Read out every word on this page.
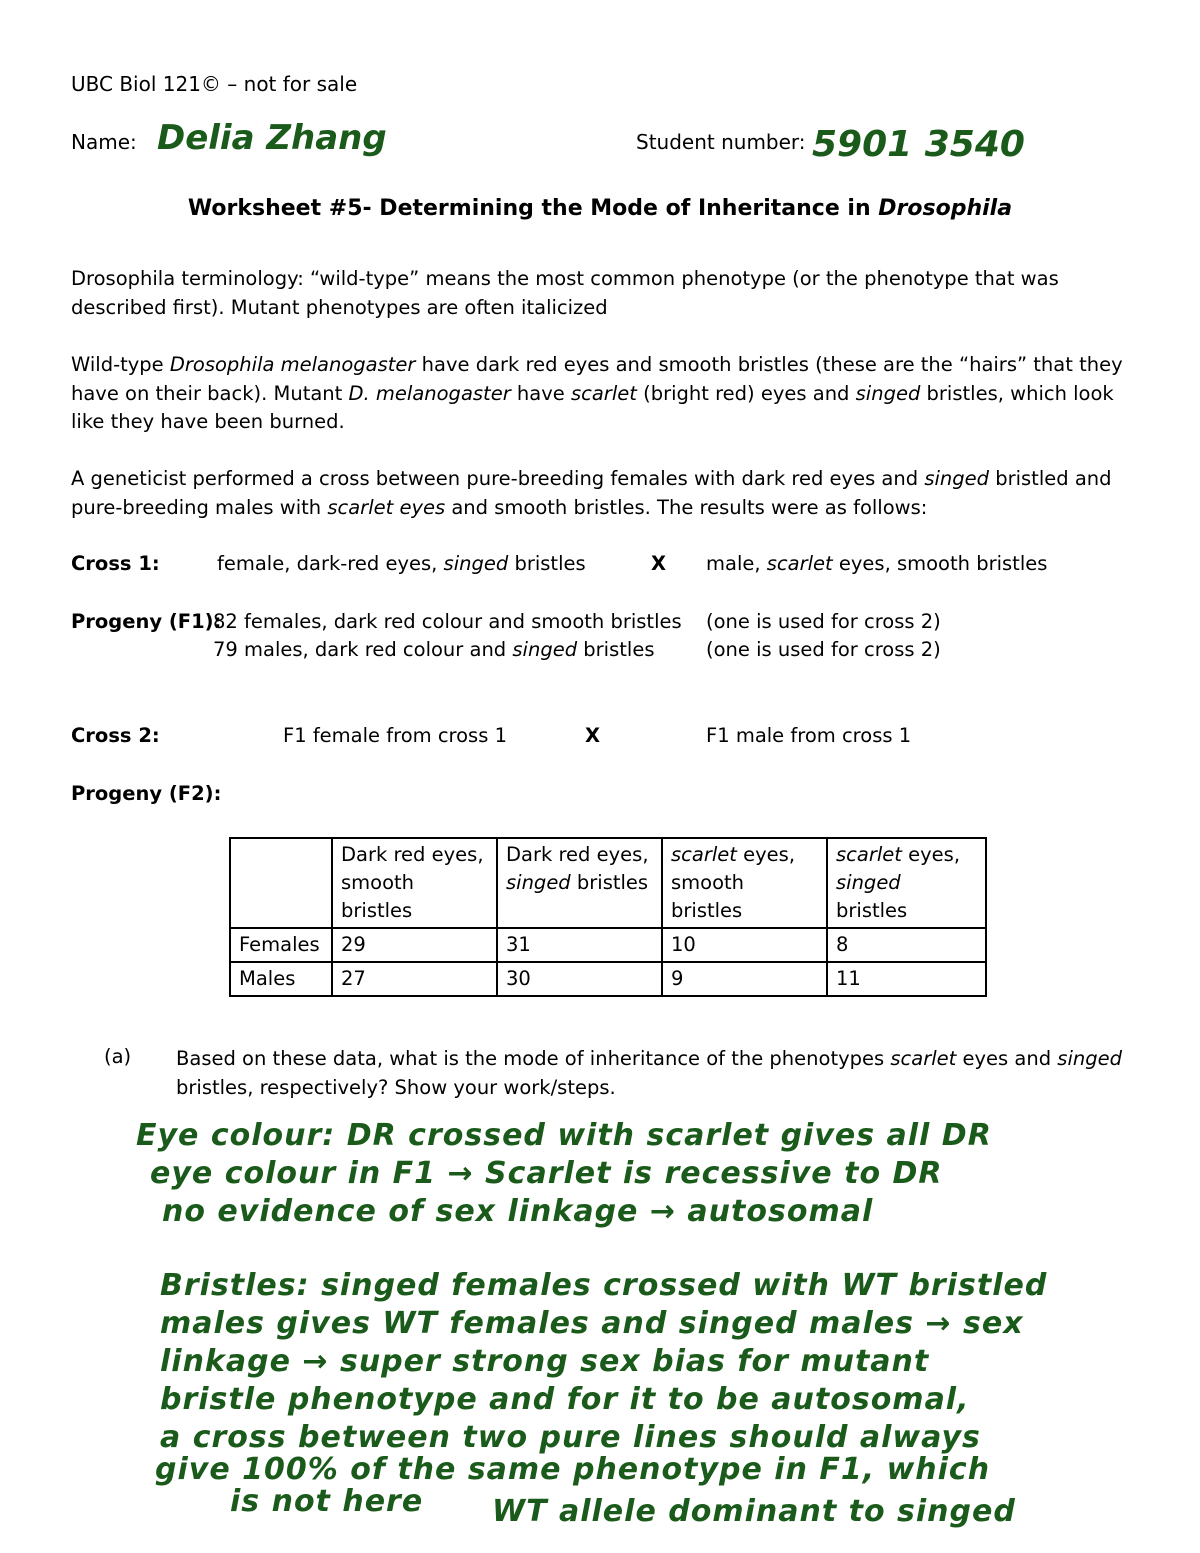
UBC Biol 121© – not for sale
Name: Delia Zhang	Student number: 5901 3540
Worksheet #5- Determining the Mode of Inheritance in Drosophila
Drosophila terminology: “wild-type” means the most common phenotype (or the phenotype that was described first). Mutant phenotypes are often italicized
Wild-type Drosophila melanogaster have dark red eyes and smooth bristles (these are the “hairs” that they have on their back). Mutant D. melanogaster have scarlet (bright red) eyes and singed bristles, which look like they have been burned.
A geneticist performed a cross between pure-breeding females with dark red eyes and singed bristled and pure-breeding males with scarlet eyes and smooth bristles. The results were as follows:
Cross 1:	female, dark-red eyes, singed bristles	X male, scarlet eyes, smooth bristles
Progeny (F1):
82 females, dark red colour and smooth bristles
79 males, dark red colour and singed bristles
(one is used for cross 2)
(one is used for cross 2)
Cross 2:	F1 female from cross 1	X	F1 male from cross 1
Progeny (F2):
	Dark red eyes, smooth bristles	Dark red eyes, singed bristles	scarlet eyes, smooth bristles	scarlet eyes, singed bristles
Females	29	31	10	8
Males	27	30	9	11
(a) Based on these data, what is the mode of inheritance of the phenotypes scarlet eyes and singed bristles, respectively? Show your work/steps.
Eye colour: DR crossed with scarlet gives all DR
eye colour in F1 → Scarlet is recessive to DR
no evidence of sex linkage → autosomal
Bristles: singed females crossed with WT bristled
males gives WT females and singed males → sex
linkage → super strong sex bias for mutant
bristle phenotype and for it to be autosomal,
a cross between two pure lines should always
give 100% of the same phenotype in F1, which
is not here WT allele dominant to singed
